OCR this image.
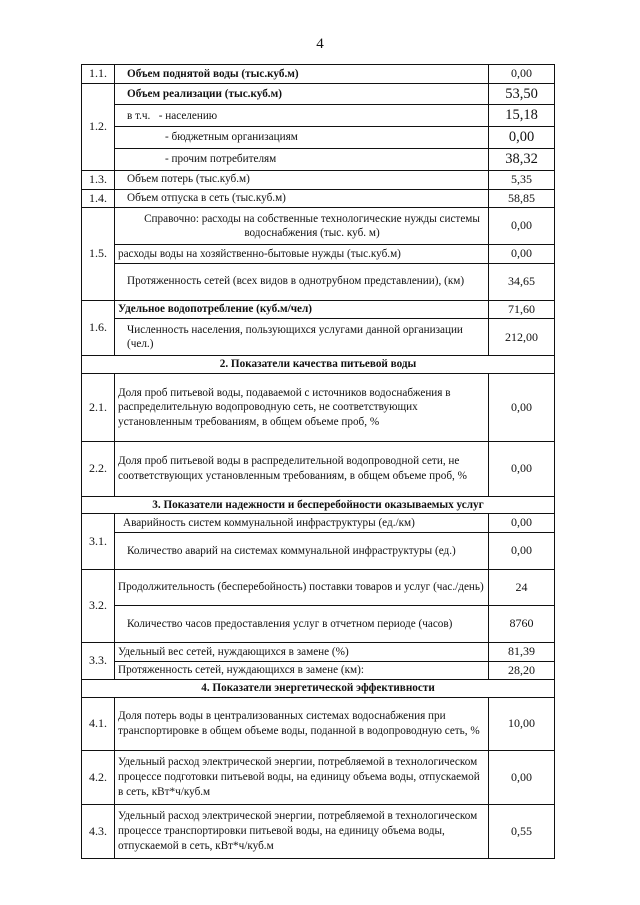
4
1.1.	Объем поднятой воды (тыс.куб.м)	0,00
1.2.	Объем реализации (тыс.куб.м)	53,50
	в т.ч.   - населению	15,18
	- бюджетным организациям	0,00
	- прочим потребителям	38,32
1.3.	Объем потерь (тыс.куб.м)	5,35
1.4.	Объем отпуска в сеть (тыс.куб.м)	58,85
1.5.	Справочно: расходы на собственные технологические нужды системы водоснабжения (тыс. куб. м)	0,00
	расходы воды на хозяйственно-бытовые нужды (тыс.куб.м)	0,00
	Протяженность сетей (всех видов в однотрубном представлении), (км)	34,65
1.6.	Удельное водопотребление (куб.м/чел)	71,60
	Численность населения, пользующихся услугами данной организации (чел.)	212,00
2. Показатели качества питьевой воды		
2.1.	Доля проб питьевой воды, подаваемой с источников водоснабжения в распределительную водопроводную сеть, не соответствующих установленным требованиям, в общем объеме проб, %	0,00
2.2.	Доля проб питьевой воды в распределительной водопроводной сети, не соответствующих установленным требованиям, в общем объеме проб, %	0,00
3. Показатели надежности и бесперебойности оказываемых услуг		
3.1.	Аварийность систем коммунальной инфраструктуры (ед./км)	0,00
	Количество аварий на системах коммунальной инфраструктуры (ед.)	0,00
3.2.	Продолжительность (бесперебойность) поставки товаров и услуг (час./день)	24
	Количество часов предоставления услуг в отчетном периоде (часов)	8760
3.3.	Удельный вес сетей, нуждающихся в замене (%)	81,39
	Протяженность сетей, нуждающихся в замене (км):	28,20
4. Показатели энергетической эффективности		
4.1.	Доля потерь воды в централизованных системах водоснабжения при транспортировке в общем объеме воды, поданной в водопроводную сеть, %	10,00
4.2.	Удельный расход электрической энергии, потребляемой в технологическом процессе подготовки питьевой воды, на единицу объема воды, отпускаемой в сеть, кВт*ч/куб.м	0,00
4.3.	Удельный расход электрической энергии, потребляемой в технологическом процессе транспортировки питьевой воды, на единицу объема воды, отпускаемой в сеть, кВт*ч/куб.м	0,55
